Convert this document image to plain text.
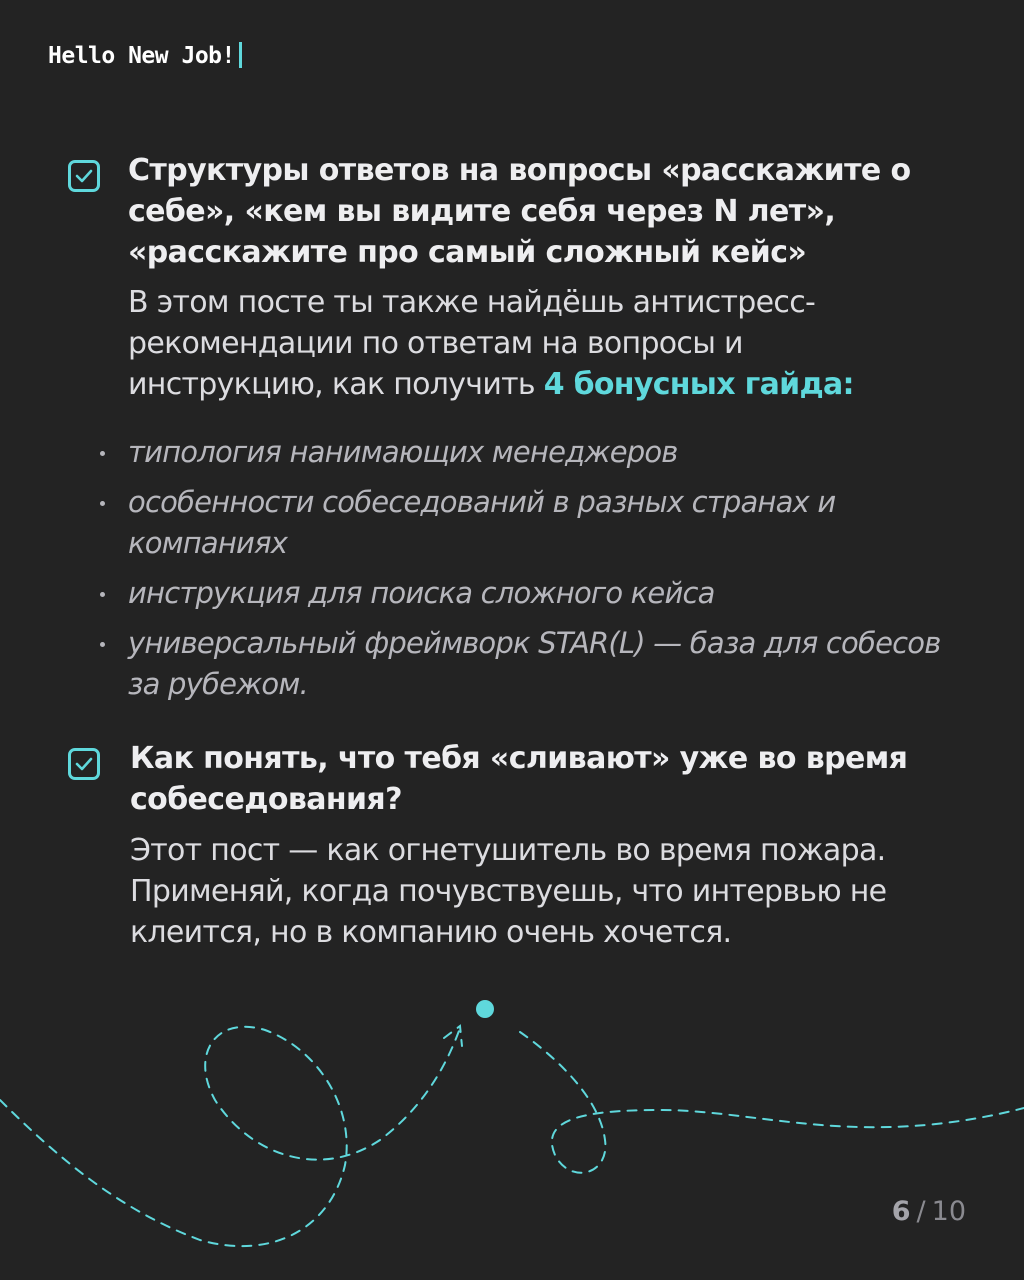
Hello New Job!
Структуры ответов на вопросы «расскажите о себе», «кем вы видите себя через N лет», «расскажите про самый сложный кейс»

В этом посте ты также найдёшь антистресс-рекомендации по ответам на вопросы и инструкцию, как получить 4 бонусных гайда:

типология нанимающих менеджеров
особенности собеседований в разных странах и компаниях
инструкция для поиска сложного кейса
универсальный фреймворк STAR(L) — база для собесов за рубежом.
Как понять, что тебя «сливают» уже во время собеседования?

Этот пост — как огнетушитель во время пожара. Применяй, когда почувствуешь, что интервью не клеится, но в компанию очень хочется.

6 / 10
